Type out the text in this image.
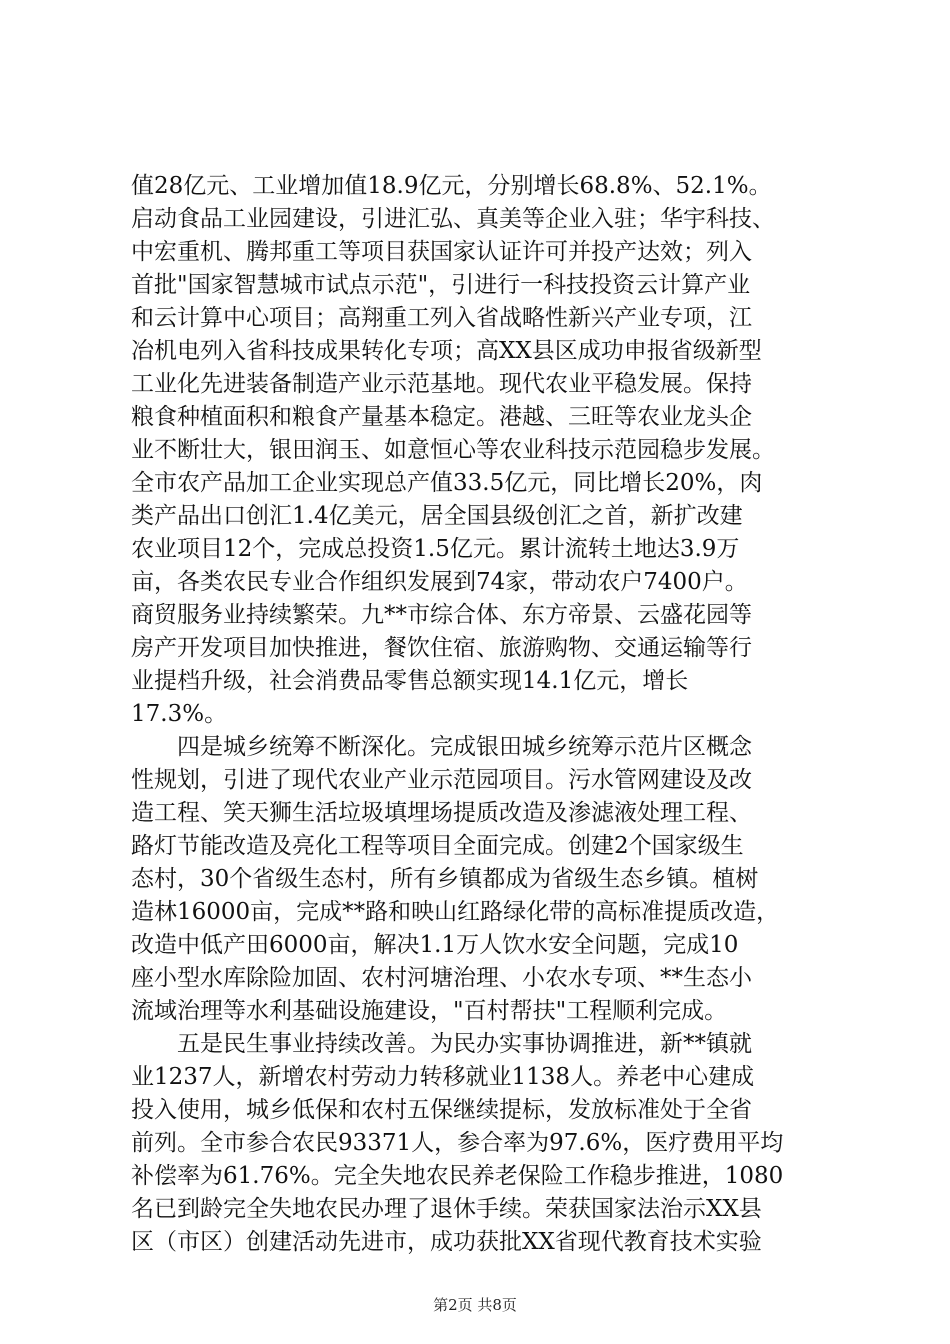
值28亿元、工业增加值18.9亿元，分别增长68.8%、52.1%。
启动食品工业园建设，引进汇弘、真美等企业入驻；华宇科技、
中宏重机、腾邦重工等项目获国家认证许可并投产达效；列入
首批"国家智慧城市试点示范"，引进行一科技投资云计算产业
和云计算中心项目；高翔重工列入省战略性新兴产业专项，江
冶机电列入省科技成果转化专项；高XX县区成功申报省级新型
工业化先进装备制造产业示范基地。现代农业平稳发展。保持
粮食种植面积和粮食产量基本稳定。港越、三旺等农业龙头企
业不断壮大，银田润玉、如意恒心等农业科技示范园稳步发展。
全市农产品加工企业实现总产值33.5亿元，同比增长20%，肉
类产品出口创汇1.4亿美元，居全国县级创汇之首，新扩改建
农业项目12个，完成总投资1.5亿元。累计流转土地达3.9万
亩，各类农民专业合作组织发展到74家，带动农户7400户。
商贸服务业持续繁荣。九**市综合体、东方帝景、云盛花园等
房产开发项目加快推进，餐饮住宿、旅游购物、交通运输等行
业提档升级，社会消费品零售总额实现14.1亿元，增长
17.3%。
四是城乡统筹不断深化。完成银田城乡统筹示范片区概念
性规划，引进了现代农业产业示范园项目。污水管网建设及改
造工程、笑天狮生活垃圾填埋场提质改造及渗滤液处理工程、
路灯节能改造及亮化工程等项目全面完成。创建2个国家级生
态村，30个省级生态村，所有乡镇都成为省级生态乡镇。植树
造林16000亩，完成**路和映山红路绿化带的高标准提质改造，
改造中低产田6000亩，解决1.1万人饮水安全问题，完成10
座小型水库除险加固、农村河塘治理、小农水专项、**生态小
流域治理等水利基础设施建设，"百村帮扶"工程顺利完成。
五是民生事业持续改善。为民办实事协调推进，新**镇就
业1237人，新增农村劳动力转移就业1138人。养老中心建成
投入使用，城乡低保和农村五保继续提标，发放标准处于全省
前列。全市参合农民93371人，参合率为97.6%，医疗费用平均
补偿率为61.76%。完全失地农民养老保险工作稳步推进，1080
名已到龄完全失地农民办理了退休手续。荣获国家法治示XX县
区（市区）创建活动先进市，成功获批XX省现代教育技术实验
第2页 共8页
